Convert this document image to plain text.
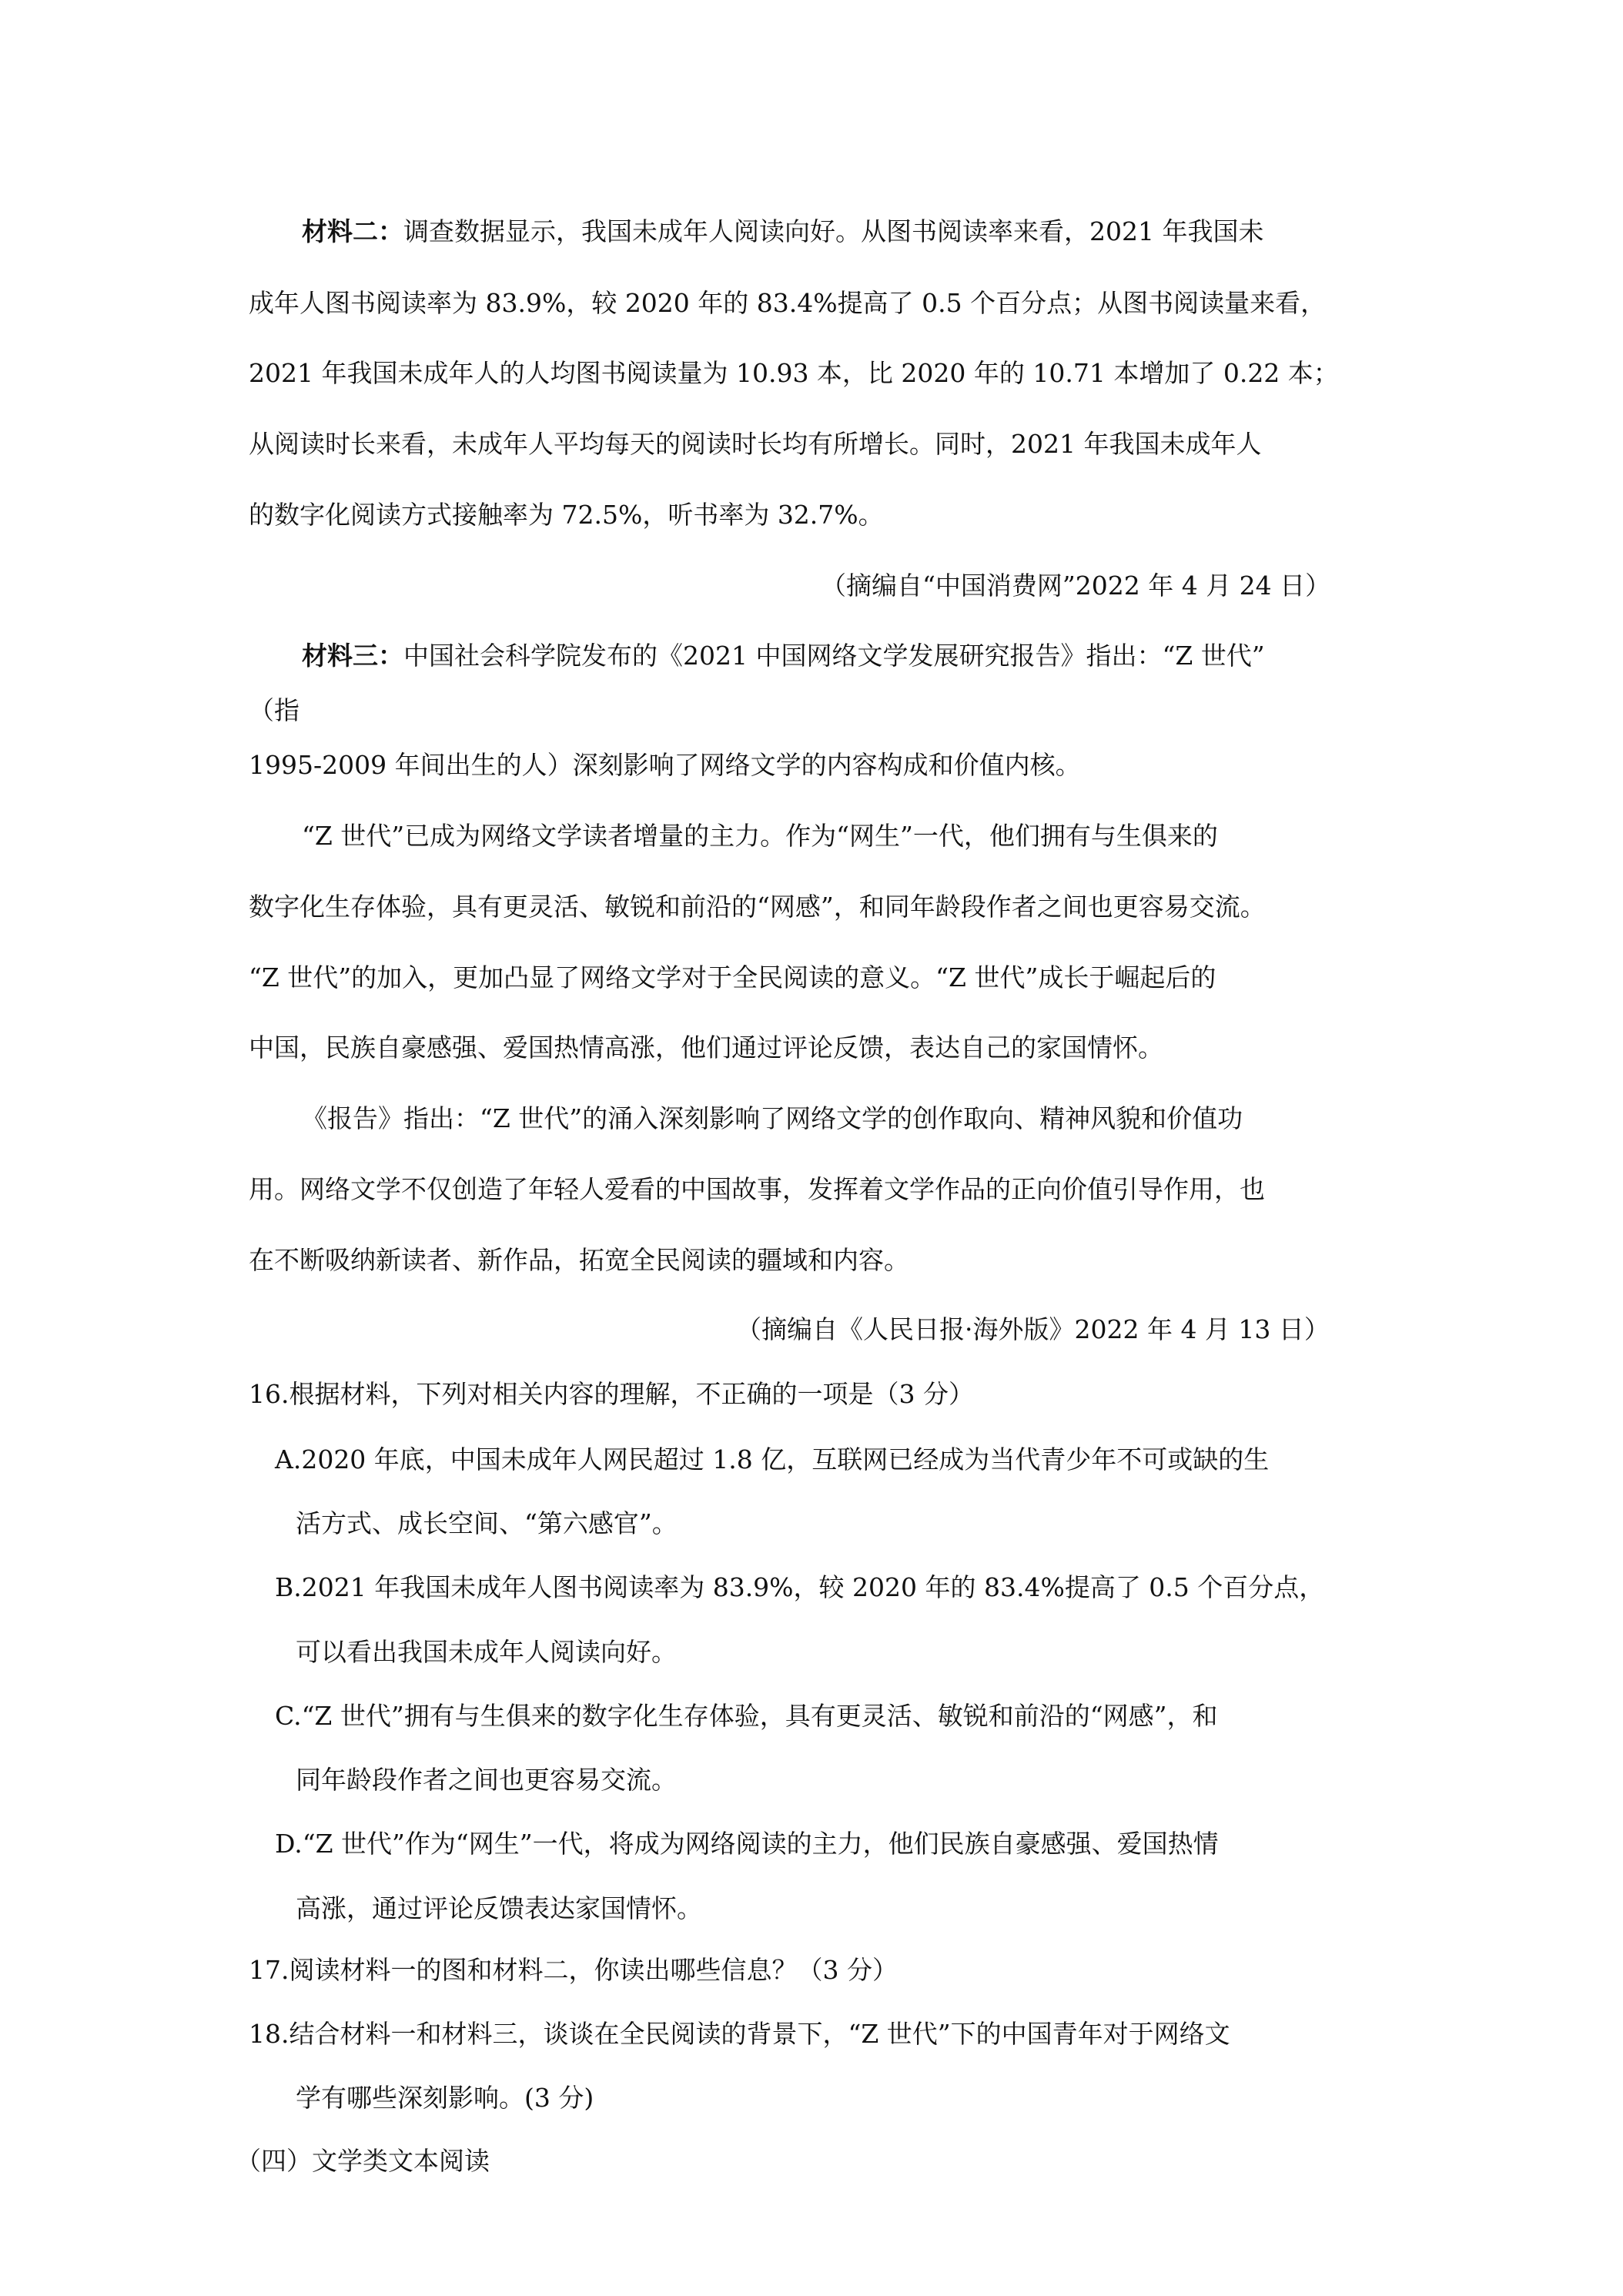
材料二：调查数据显示，我国未成年人阅读向好。从图书阅读率来看，2021 年我国未
成年人图书阅读率为 83.9%，较 2020 年的 83.4%提高了 0.5 个百分点；从图书阅读量来看，
2021 年我国未成年人的人均图书阅读量为 10.93 本，比 2020 年的 10.71 本增加了 0.22 本；
从阅读时长来看，未成年人平均每天的阅读时长均有所增长。同时，2021 年我国未成年人
的数字化阅读方式接触率为 72.5%，听书率为 32.7%。
（摘编自“中国消费网”2022 年 4 月 24 日）
材料三：中国社会科学院发布的《2021 中国网络文学发展研究报告》指出：“Z 世代”
（指
1995-2009 年间出生的人）深刻影响了网络文学的内容构成和价值内核。
“Z 世代”已成为网络文学读者增量的主力。作为“网生”一代，他们拥有与生俱来的
数字化生存体验，具有更灵活、敏锐和前沿的“网感”，和同年龄段作者之间也更容易交流。
“Z 世代”的加入，更加凸显了网络文学对于全民阅读的意义。“Z 世代”成长于崛起后的
中国，民族自豪感强、爱国热情高涨，他们通过评论反馈，表达自己的家国情怀。
《报告》指出：“Z 世代”的涌入深刻影响了网络文学的创作取向、精神风貌和价值功
用。网络文学不仅创造了年轻人爱看的中国故事，发挥着文学作品的正向价值引导作用，也
在不断吸纳新读者、新作品，拓宽全民阅读的疆域和内容。
（摘编自《人民日报·海外版》2022 年 4 月 13 日）
16.根据材料，下列对相关内容的理解，不正确的一项是（3 分）
A.2020 年底，中国未成年人网民超过 1.8 亿，互联网已经成为当代青少年不可或缺的生
活方式、成长空间、“第六感官”。
B.2021 年我国未成年人图书阅读率为 83.9%，较 2020 年的 83.4%提高了 0.5 个百分点，
可以看出我国未成年人阅读向好。
C.“Z 世代”拥有与生俱来的数字化生存体验，具有更灵活、敏锐和前沿的“网感”，和
同年龄段作者之间也更容易交流。
D.“Z 世代”作为“网生”一代，将成为网络阅读的主力，他们民族自豪感强、爱国热情
高涨，通过评论反馈表达家国情怀。
17.阅读材料一的图和材料二，你读出哪些信息？（3 分）
18.结合材料一和材料三，谈谈在全民阅读的背景下，“Z 世代”下的中国青年对于网络文
学有哪些深刻影响。(3 分)
（四）文学类文本阅读
